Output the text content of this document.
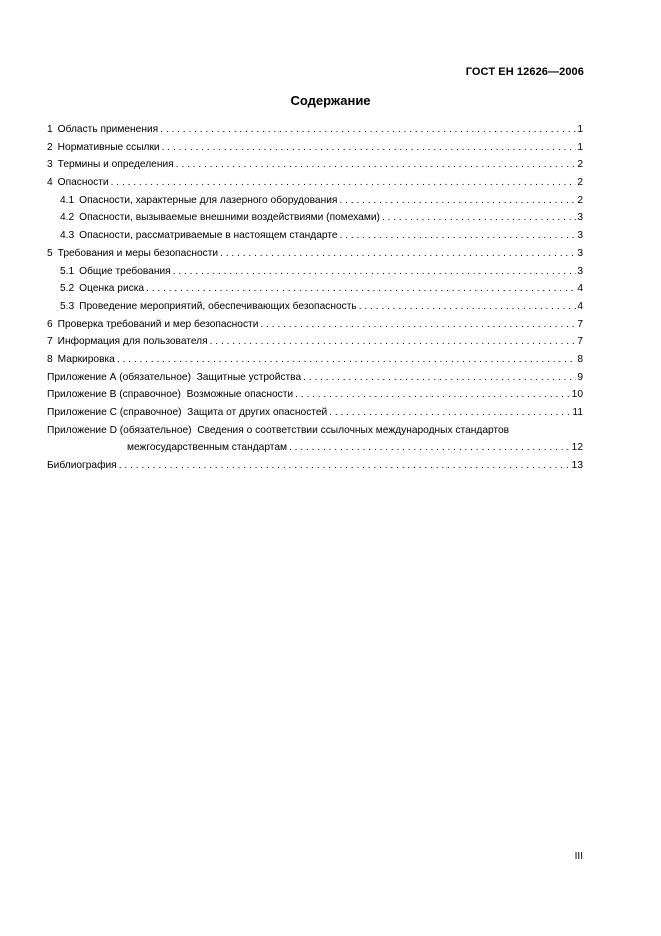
ГОСТ ЕН 12626—2006
Содержание
1 Область применения . . .	1
2 Нормативные ссылки . . .	1
3 Термины и определения . . .	2
4 Опасности . . .	2
4.1 Опасности, характерные для лазерного оборудования . . .	2
4.2 Опасности, вызываемые внешними воздействиями (помехами) . . .	3
4.3 Опасности, рассматриваемые в настоящем стандарте . . .	3
5 Требования и меры безопасности . . .	3
5.1 Общие требования . . .	3
5.2 Оценка риска . . .	4
5.3 Проведение мероприятий, обеспечивающих безопасность . . .	4
6 Проверка требований и мер безопасности . . .	7
7 Информация для пользователя . . .	7
8 Маркировка . . .	8
Приложение А (обязательное)  Защитные устройства . . .	9
Приложение В (справочное)  Возможные опасности . . .	10
Приложение С (справочное)  Защита от других опасностей . . .	11
Приложение D (обязательное)  Сведения о соответствии ссылочных международных стандартов
межгосударственным стандартам . . .	12
Библиография . . .	13
III
